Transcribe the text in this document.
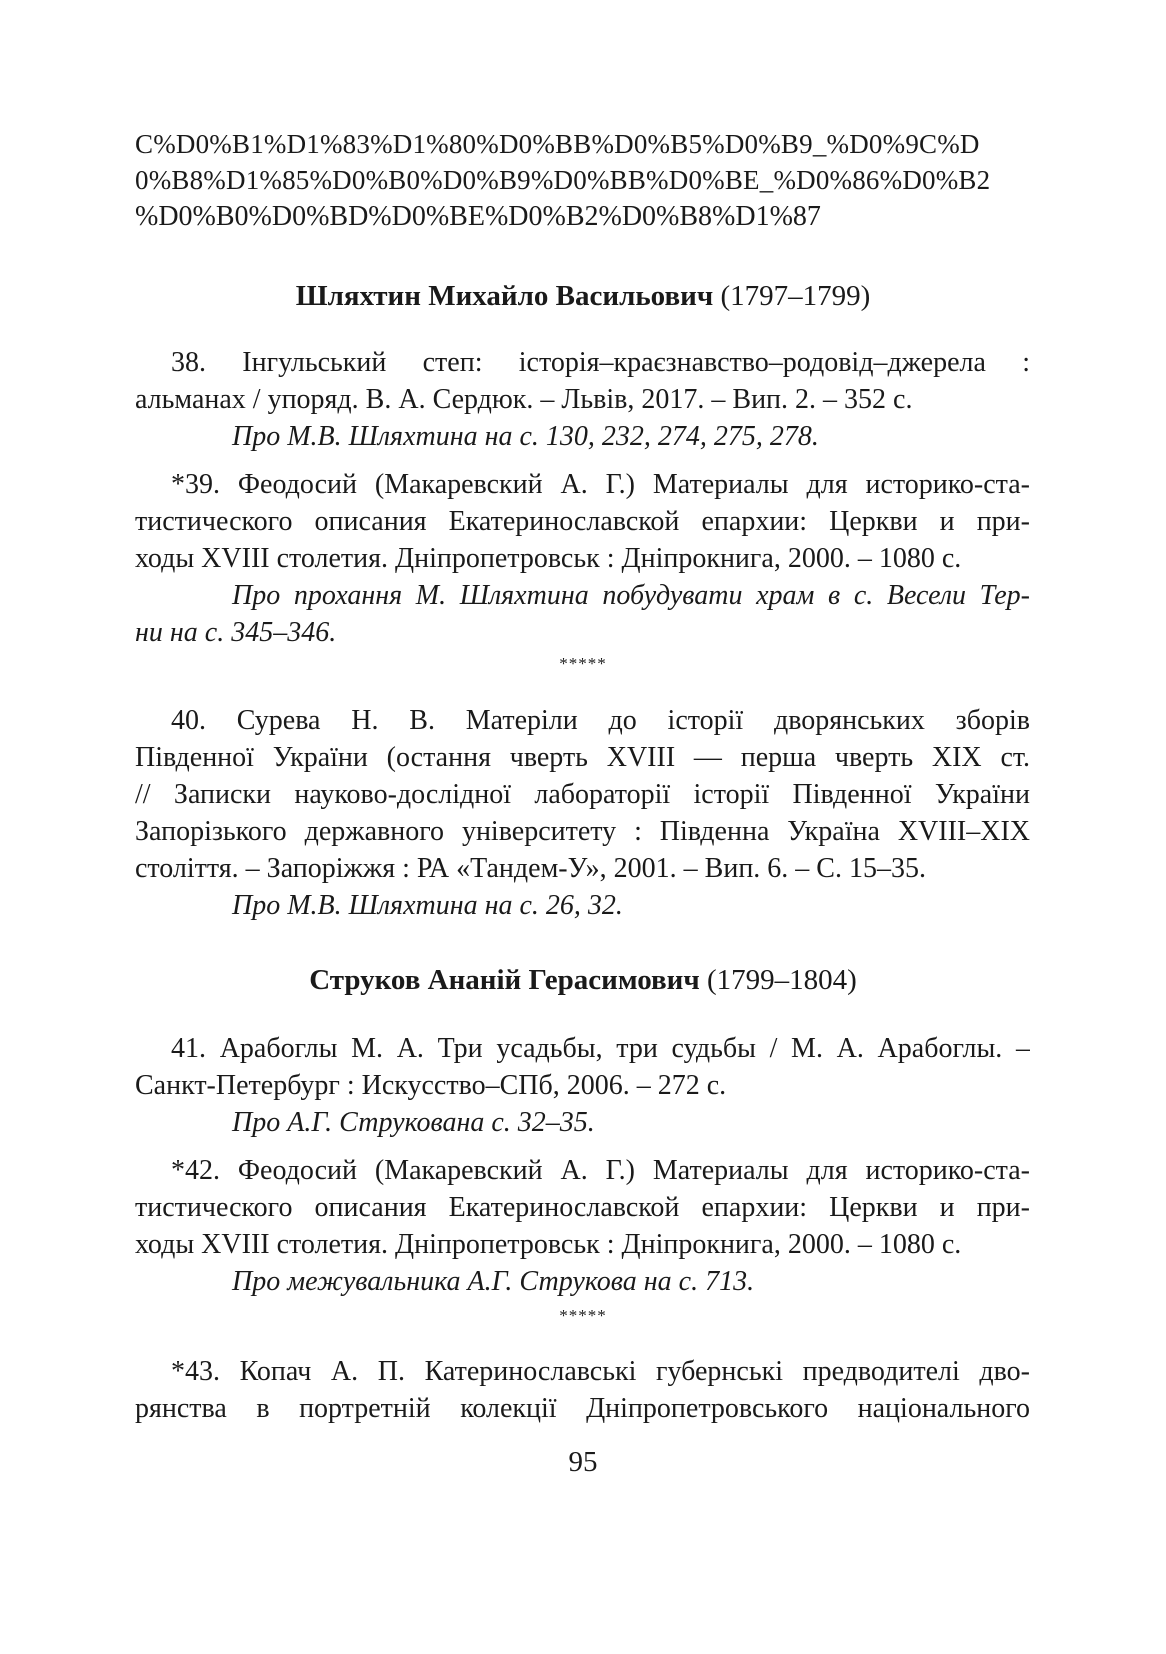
C%D0%B1%D1%83%D1%80%D0%BB%D0%B5%D0%B9_%D0%9C%D
0%B8%D1%85%D0%B0%D0%B9%D0%BB%D0%BE_%D0%86%D0%B2
%D0%B0%D0%BD%D0%BE%D0%B2%D0%B8%D1%87
Шляхтин Михайло Васильович (1797–1799)
38. Інгульський степ: історія–краєзнавство–родовід–джерела :
альманах / упоряд. В. А. Сердюк. – Львів, 2017. – Вип. 2. – 352 с.
Про М.В. Шляхтина на с. 130, 232, 274, 275, 278.
*39. Феодосий (Макаревский А. Г.) Материалы для историко-ста-
тистического описания Екатеринославской епархии: Церкви и при-
ходы XVIII столетия. Дніпропетровськ : Дніпрокнига, 2000. – 1080 с.
Про прохання М. Шляхтина побудувати храм в с. Весели Тер-
ни на с. 345–346.
*****
40. Сурева Н. В. Матеріли до історії дворянських зборів
Південної України (остання чверть XVIII — перша чверть XIX ст.
// Записки науково-дослідної лабораторії історії Південної України
Запорізького державного університету : Південна Україна XVIII–XIX
століття. – Запоріжжя : РА «Тандем-У», 2001. – Вип. 6. – С. 15–35.
Про М.В. Шляхтина на с. 26, 32.
Струков Ананій Герасимович (1799–1804)
41. Арабоглы М. А. Три усадьбы, три судьбы / М. А. Арабоглы. –
Санкт-Петербург : Искусство–СПб, 2006. – 272 с.
Про А.Г. Струкована с. 32–35.
*42. Феодосий (Макаревский А. Г.) Материалы для историко-ста-
тистического описания Екатеринославской епархии: Церкви и при-
ходы XVIII столетия. Дніпропетровськ : Дніпрокнига, 2000. – 1080 с.
Про межувальника А.Г. Струкова на с. 713.
*****
*43. Копач А. П. Катеринославські губернські предводителі дво-
рянства в портретній колекції Дніпропетровського національного
95
